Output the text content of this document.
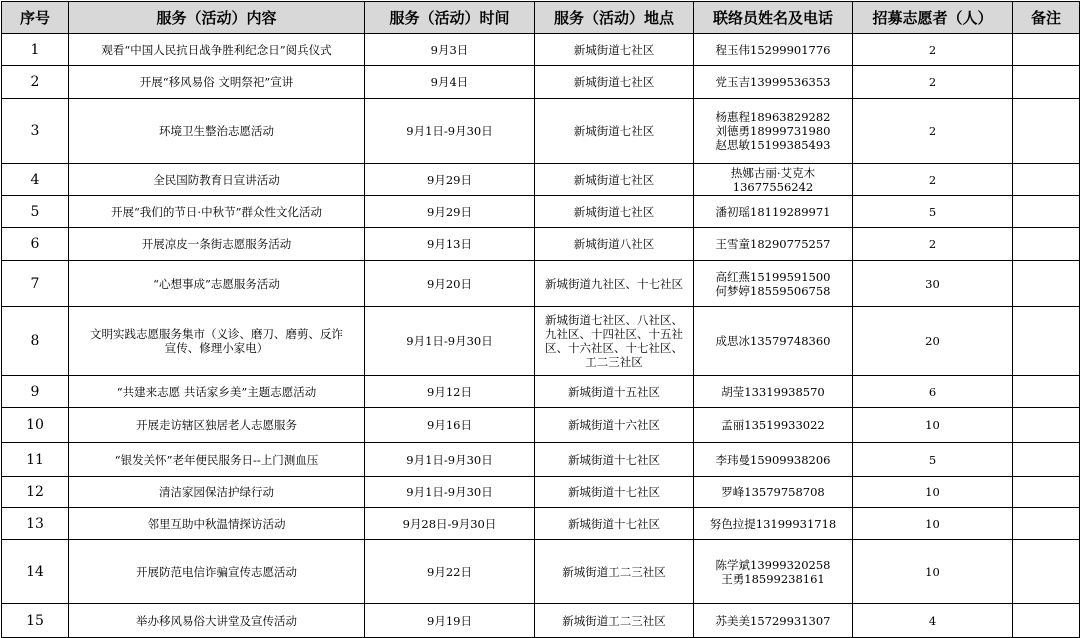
序号	服务（活动）内容	服务（活动）时间	服务（活动）地点	联络员姓名及电话	招募志愿者（人）	备注
1	观看“中国人民抗日战争胜利纪念日”阅兵仪式	9月3日	新城街道七社区	程玉伟15299901776	2	
2	开展“移风易俗 文明祭祀”宣讲	9月4日	新城街道七社区	党玉吉13999536353	2	
3	环境卫生整治志愿活动	9月1日-9月30日	新城街道七社区	杨惠程18963829282
刘德勇18999731980
赵思敏15199385493	2	
4	全民国防教育日宣讲活动	9月29日	新城街道七社区	热娜古丽·艾克木
13677556242	2	
5	开展“我们的节日·中秋节”群众性文化活动	9月29日	新城街道七社区	潘初瑶18119289971	5	
6	开展凉皮一条街志愿服务活动	9月13日	新城街道八社区	王雪童18290775257	2	
7	“心想事成”志愿服务活动	9月20日	新城街道九社区、十七社区	高红燕15199591500
何梦婷18559506758	30	
8	文明实践志愿服务集市（义诊、磨刀、磨剪、反诈
宣传、修理小家电）	9月1日-9月30日	新城街道七社区、八社区、
九社区、十四社区、十五社
区、十六社区、十七社区、
工二三社区	成思冰13579748360	20	
9	“共建来志愿 共话家乡美”主题志愿活动	9月12日	新城街道十五社区	胡莹13319938570	6	
10	开展走访辖区独居老人志愿服务	9月16日	新城街道十六社区	孟丽13519933022	10	
11	“银发关怀”老年便民服务日--上门测血压	9月1日-9月30日	新城街道十七社区	李玮曼15909938206	5	
12	清洁家园保洁护绿行动	9月1日-9月30日	新城街道十七社区	罗峰13579758708	10	
13	邻里互助中秋温情探访活动	9月28日-9月30日	新城街道十七社区	努色拉提13199931718	10	
14	开展防范电信诈骗宣传志愿活动	9月22日	新城街道工二三社区	陈学斌13999320258
王勇18599238161	10	
15	举办移风易俗大讲堂及宣传活动	9月19日	新城街道工二三社区	苏美美15729931307	4	
